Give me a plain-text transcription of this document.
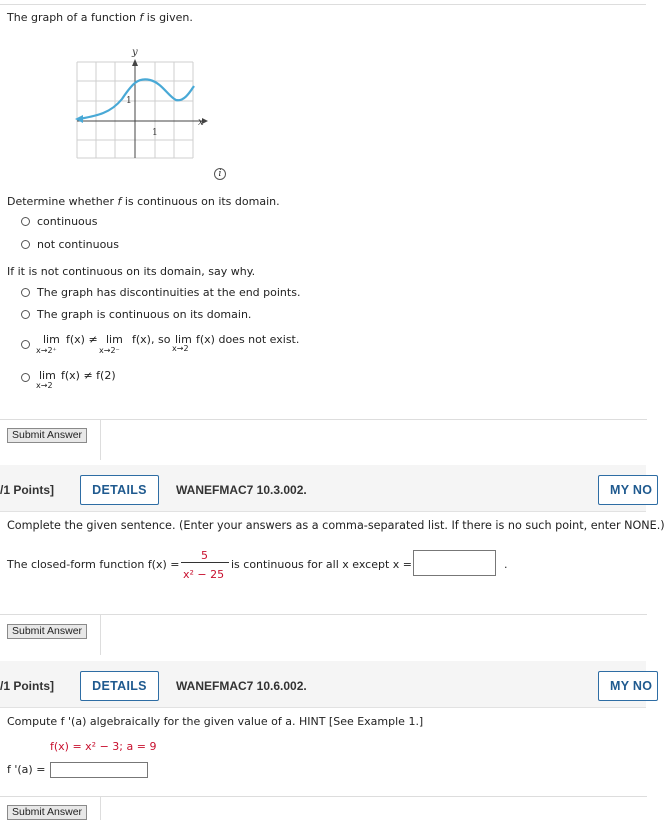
The graph of a function f is given.
y
x
1
1
i
Determine whether f is continuous on its domain.
continuous
not continuous
If it is not continuous on its domain, say why.
The graph has discontinuities at the end points.
The graph is continuous on its domain.
lim
x→2⁺
f(x) ≠ lim
x→2⁻
f(x), so lim
x→2
f(x) does not exist.
lim
x→2
f(x) ≠ f(2)
Submit Answer
/1 Points]	DETAILS	WANEFMAC7 10.3.002.	MY NO
Complete the given sentence. (Enter your answers as a comma-separated list. If there is no such point, enter NONE.)
The closed-form function f(x) =
5
x² − 25
is continuous for all x except x =	.
Submit Answer
/1 Points]	DETAILS	WANEFMAC7 10.6.002.	MY NO
Compute f '(a) algebraically for the given value of a. HINT [See Example 1.]
f(x) = x² − 3; a = 9
f '(a) =
Submit Answer
